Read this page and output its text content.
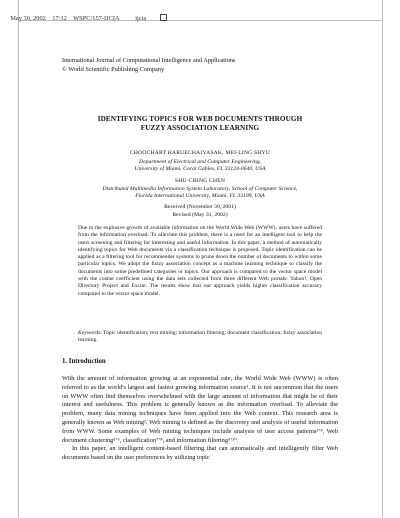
May 30, 2002    17:12    WSPC/157-IJCIA          ijcia

International Journal of Computational Intelligence and Applications
© World Scientific Publishing Company
IDENTIFYING TOPICS FOR WEB DOCUMENTS THROUGH
FUZZY ASSOCIATION LEARNING
CHOOCHART HARUECHAIYASAK, MEI-LING SHYU
Department of Electrical and Computer Engineering,
University of Miami, Coral Gables, FL 33124-0640, USA
SHU-CHING CHEN
Distributed Multimedia Information System Laboratory, School of Computer Science,
Florida International University, Miami, FL 33199, USA
Received (November 30, 2001)
Revised (May 31, 2002)
Due to the explosive growth of available information on the World Wide Web (WWW), users have suffered from the information overload. To alleviate this problem, there is a need for an intelligent tool to help the users screening and filtering for interesting and useful information. In this paper, a method of automatically identifying topics for Web documents via a classification technique is proposed. Topic identification can be applied as a filtering tool for recommender systems to prune down the number of documents to within some particular topics. We adopt the fuzzy association concept as a machine learning technique to classify the documents into some predefined categories or topics. Our approach is compared to the vector space model with the cosine coefficient using the data sets collected from three different Web portals: Yahoo!, Open Directory Project and Excite. The results show that our approach yields higher classification accuracy compared to the vector space model.
Keywords: Topic identification; text mining; information filtering; document classification; fuzzy association learning.
1. Introduction

With the amount of information growing at an exponential rate, the World Wide Web (WWW) is often referred to as the world's largest and fastest growing information source¹. It is not uncommon that the users on WWW often find themselves overwhelmed with the large amount of information that might be of their interest and usefulness. This problem is generally known as the information overload. To alleviate the problem, many data mining techniques have been applied into the Web context. This research area is generally known as Web mining². Web mining is defined as the discovery and analysis of useful information from WWW. Some examples of Web mining techniques include analysis of user access patterns³ʼ⁴, Web document clustering⁵ʼ⁶, classification⁷ʼ⁸, and information filtering⁹ʼ¹⁰.

In this paper, an intelligent content-based filtering that can automatically and intelligently filter Web documents based on the user preferences by utilizing topic
